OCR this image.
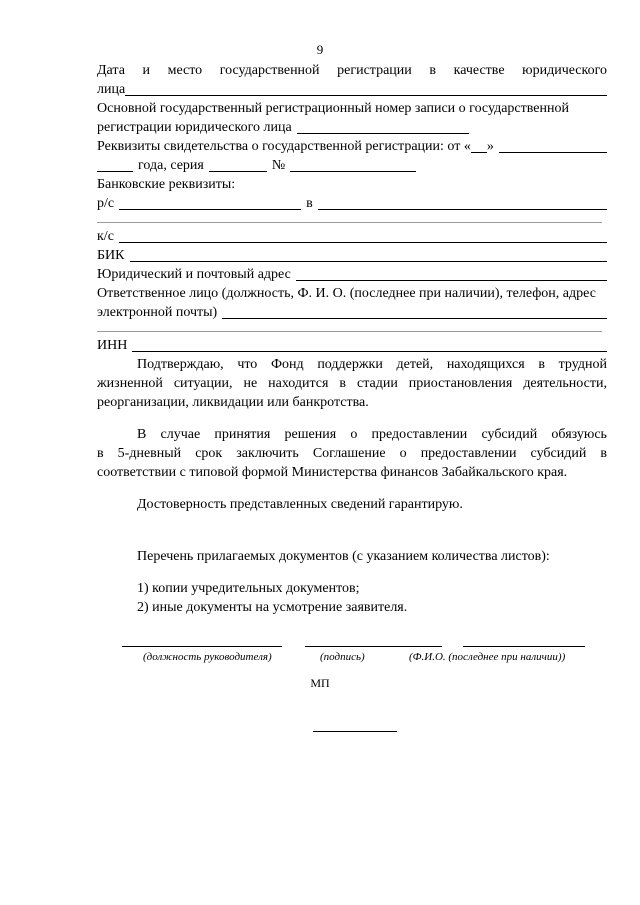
9
Дата и место государственной регистрации в качестве юридического
лица
Основной государственный регистрационный номер записи о государственной
регистрации юридического лица
Реквизиты свидетельства о государственной регистрации: от « »
года, серия	№
Банковские реквизиты:
р/с	в
к/с
БИК
Юридический и почтовый адрес
Ответственное лицо (должность, Ф. И. О. (последнее при наличии), телефон, адрес
электронной почты)
ИНН
Подтверждаю, что Фонд поддержки детей, находящихся в трудной
жизненной ситуации, не находится в стадии приостановления деятельности,
реорганизации, ликвидации или банкротства.
В случае принятия решения о предоставлении субсидий обязуюсь
в 5-дневный срок заключить Соглашение о предоставлении субсидий в
соответствии с типовой формой Министерства финансов Забайкальского края.
Достоверность представленных сведений гарантирую.
Перечень прилагаемых документов (с указанием количества листов):
1) копии учредительных документов;
2) иные документы на усмотрение заявителя.
(должность руководителя)	(подпись)	(Ф.И.О. (последнее при наличии))
МП
